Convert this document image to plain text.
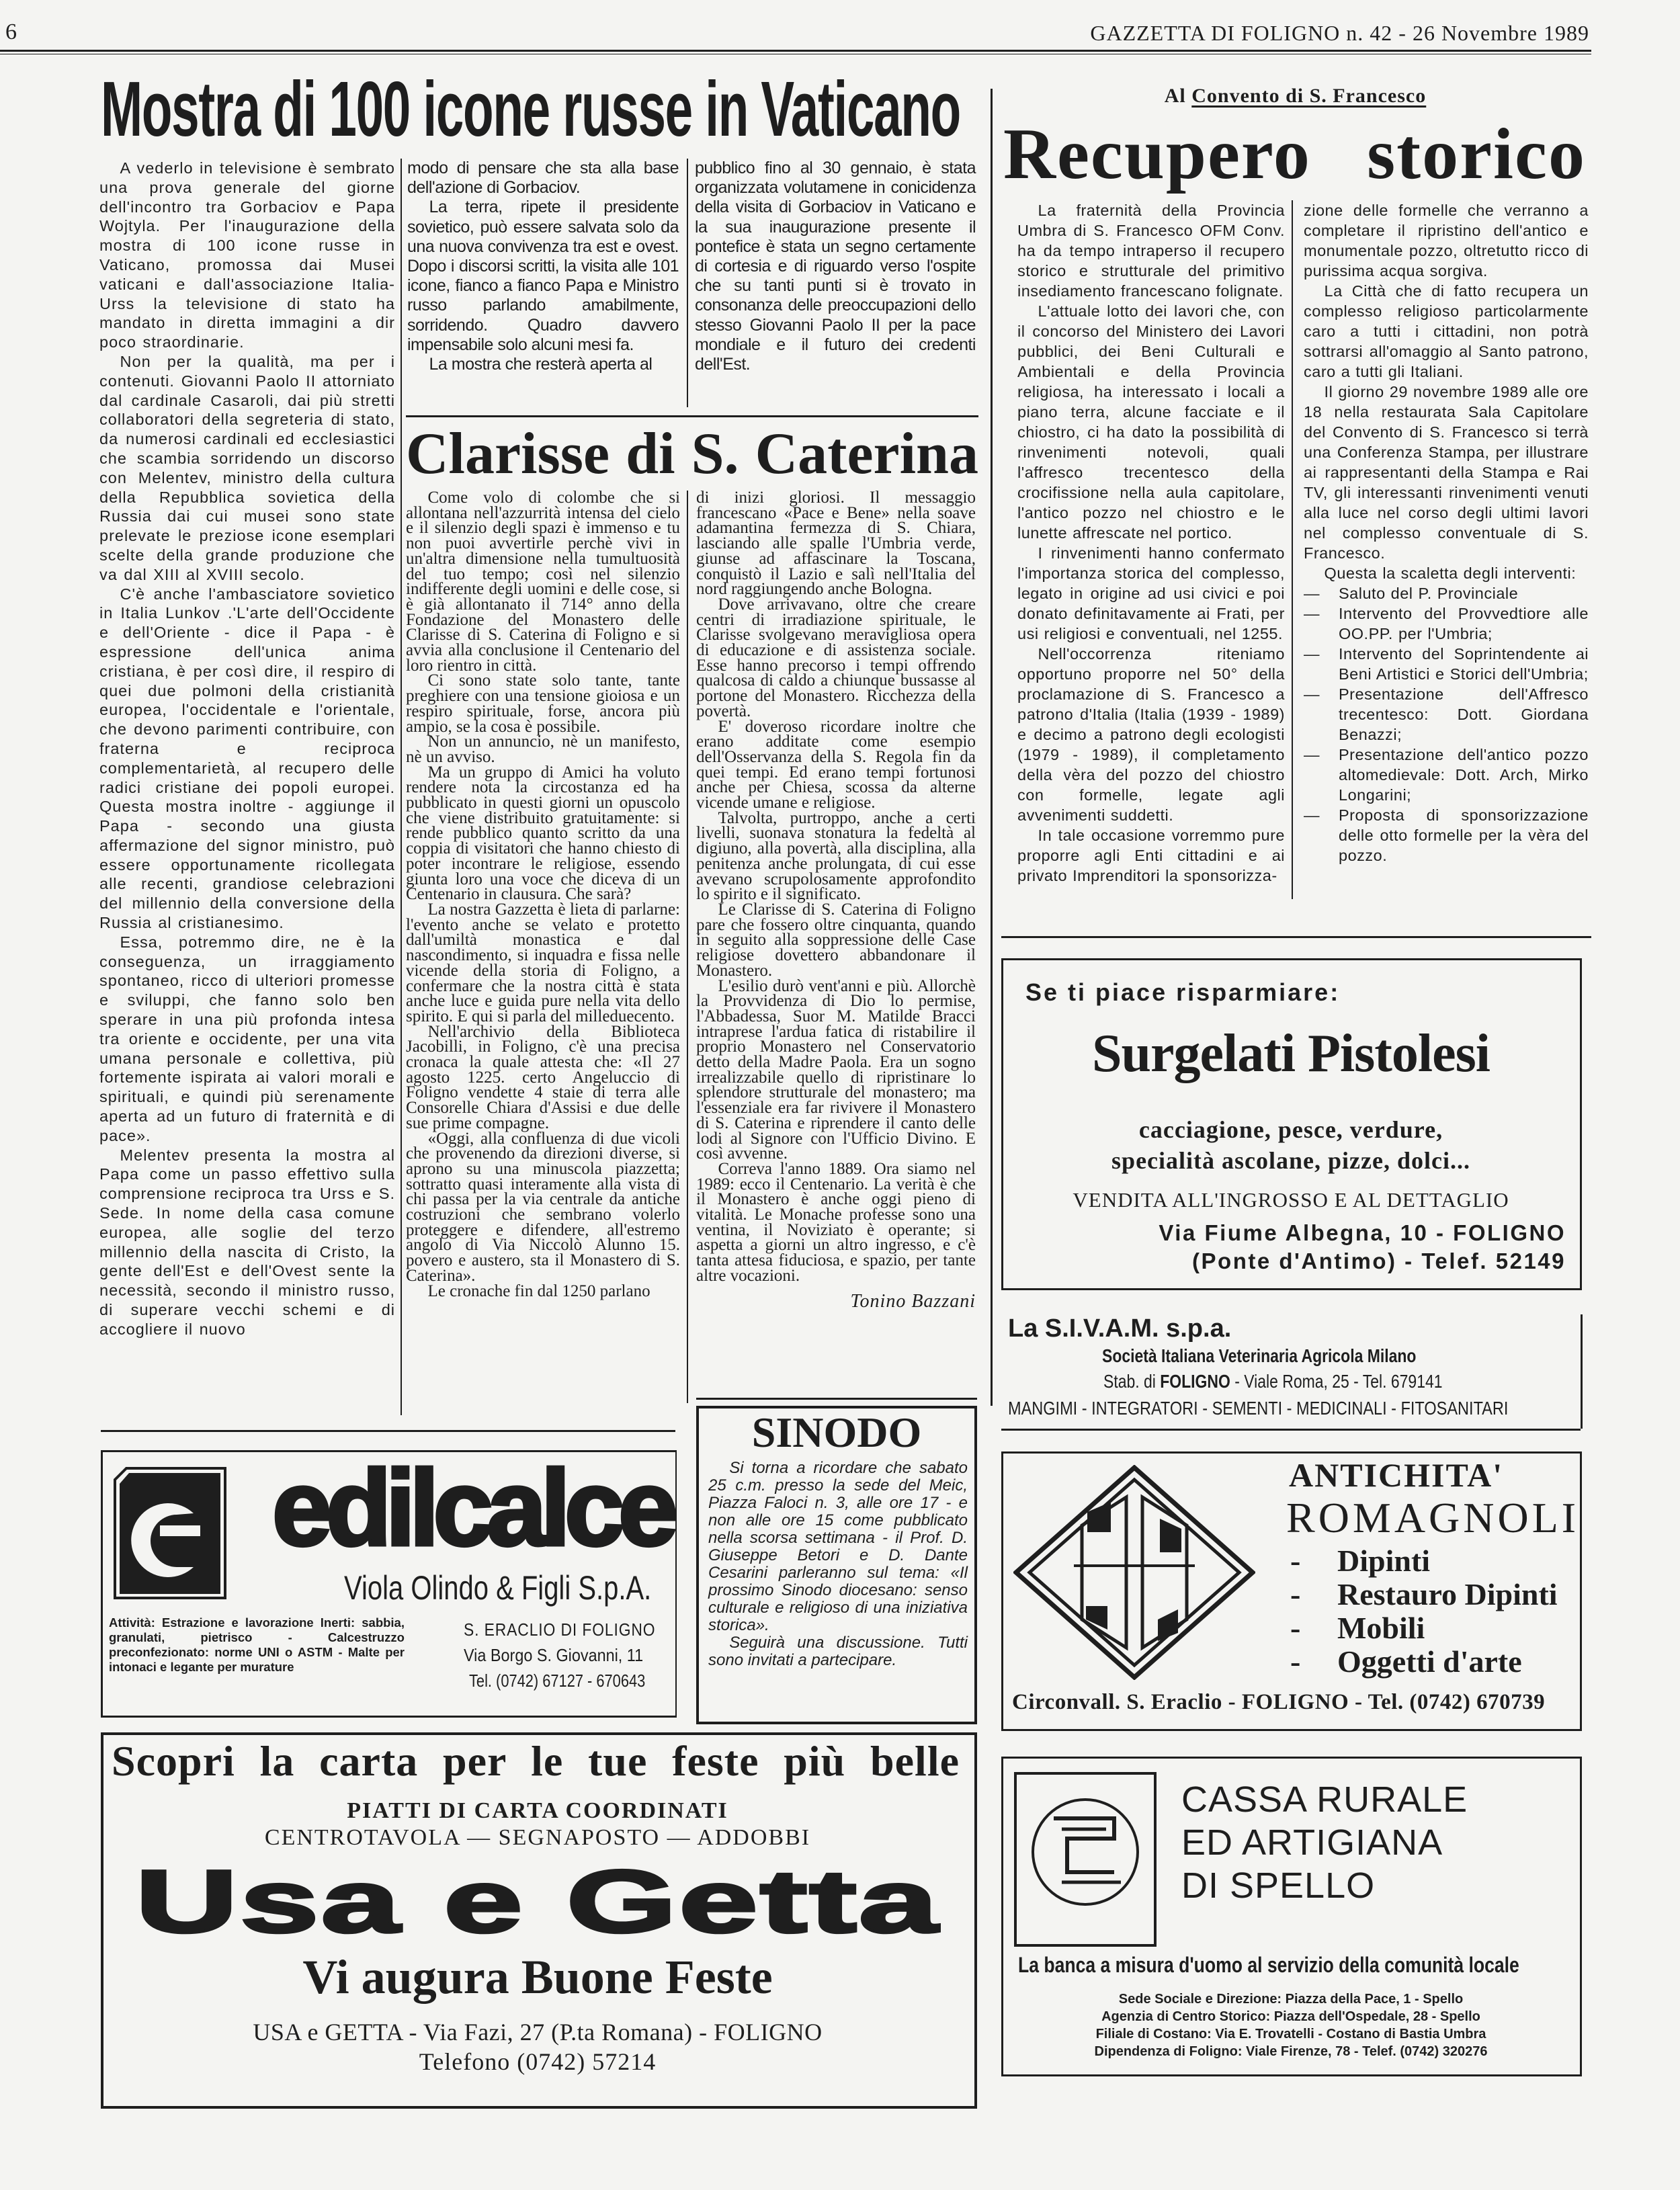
6	GAZZETTA DI FOLIGNO n. 42 - 26 Novembre 1989
Mostra di 100 icone russe in Vaticano

A vederlo in televisione è sembrato una prova generale del giorne dell'incontro tra Gorbaciov e Papa Wojtyla. Per l'inaugurazione della mostra di 100 icone russe in Vaticano, promossa dai Musei vaticani e dall'associazione Italia-Urss la televisione di stato ha mandato in diretta immagini a dir poco straordinarie.

Non per la qualità, ma per i contenuti. Giovanni Paolo II attorniato dal cardinale Casaroli, dai più stretti collaboratori della segreteria di stato, da numerosi cardinali ed ecclesiastici che scambia sorridendo un discorso con Melentev, ministro della cultura della Repubblica sovietica della Russia dai cui musei sono state prelevate le preziose icone esemplari scelte della grande produzione che va dal XIII al XVIII secolo.

C'è anche l'ambasciatore sovietico in Italia Lunkov .'L'arte dell'Occidente e dell'Oriente - dice il Papa - è espressione dell'unica anima cristiana, è per così dire, il respiro di quei due polmoni della cristianità europea, l'occidentale e l'orientale, che devono parimenti contribuire, con fraterna e reciproca complementarietà, al recupero delle radici cristiane dei popoli europei. Questa mostra inoltre - aggiunge il Papa - secondo una giusta affermazione del signor ministro, può essere opportunamente ricollegata alle recenti, grandiose celebrazioni del millennio della conversione della Russia al cristianesimo.

Essa, potremmo dire, ne è la conseguenza, un irraggiamento spontaneo, ricco di ulteriori promesse e sviluppi, che fanno solo ben sperare in una più profonda intesa tra oriente e occidente, per una vita umana personale e collettiva, più fortemente ispirata ai valori morali e spirituali, e quindi più serenamente aperta ad un futuro di fraternità e di pace».

Melentev presenta la mostra al Papa come un passo effettivo sulla comprensione reciproca tra Urss e S. Sede. In nome della casa comune europea, alle soglie del terzo millennio della nascita di Cristo, la gente dell'Est e dell'Ovest sente la necessità, secondo il ministro russo, di superare vecchi schemi e di accogliere il nuovo

modo di pensare che sta alla base dell'azione di Gorbaciov.

La terra, ripete il presidente sovietico, può essere salvata solo da una nuova convivenza tra est e ovest. Dopo i discorsi scritti, la visita alle 101 icone, fianco a fianco Papa e Ministro russo parlando amabilmente, sorridendo. Quadro davvero impensabile solo alcuni mesi fa.

La mostra che resterà aperta al

pubblico fino al 30 gennaio, è stata organizzata volutamene in conicidenza della visita di Gorbaciov in Vaticano e la sua inaugurazione presente il pontefice è stata un segno certamente di cortesia e di riguardo verso l'ospite che su tanti punti si è trovato in consonanza delle preoccupazioni dello stesso Giovanni Paolo II per la pace mondiale e il futuro dei credenti dell'Est.

Clarisse di S. Caterina

Come volo di colombe che si allontana nell'azzurrità intensa del cielo e il silenzio degli spazi è immenso e tu non puoi avvertirle perchè vivi in un'altra dimensione nella tumultuosità del tuo tempo; così nel silenzio indifferente degli uomini e delle cose, si è già allontanato il 714° anno della Fondazione del Monastero delle Clarisse di S. Caterina di Foligno e si avvia alla conclusione il Centenario del loro rientro in città.

Ci sono state solo tante, tante preghiere con una tensione gioiosa e un respiro spirituale, forse, ancora più ampio, se la cosa è possibile.

Non un annuncio, nè un manifesto, nè un avviso.

Ma un gruppo di Amici ha voluto rendere nota la circostanza ed ha pubblicato in questi giorni un opuscolo che viene distribuito gratuitamente: si rende pubblico quanto scritto da una coppia di visitatori che hanno chiesto di poter incontrare le religiose, essendo giunta loro una voce che diceva di un Centenario in clausura. Che sarà?

La nostra Gazzetta è lieta di parlarne: l'evento anche se velato e protetto dall'umiltà monastica e dal nascondimento, si inquadra e fissa nelle vicende della storia di Foligno, a confermare che la nostra città è stata anche luce e guida pure nella vita dello spirito. E qui si parla del milleduecento.

Nell'archivio della Biblioteca Jacobilli, in Foligno, c'è una precisa cronaca la quale attesta che: «Il 27 agosto 1225. certo Angeluccio di Foligno vendette 4 staie di terra alle Consorelle Chiara d'Assisi e due delle sue prime compagne.

«Oggi, alla confluenza di due vicoli che provenendo da direzioni diverse, si aprono su una minuscola piazzetta; sottratto quasi interamente alla vista di chi passa per la via centrale da antiche costruzioni che sembrano volerlo proteggere e difendere, all'estremo angolo di Via Niccolò Alunno 15. povero e austero, sta il Monastero di S. Caterina».

Le cronache fin dal 1250 parlano

di inizi gloriosi. Il messaggio francescano «Pace e Bene» nella soave adamantina fermezza di S. Chiara, lasciando alle spalle l'Umbria verde, giunse ad affascinare la Toscana, conquistò il Lazio e salì nell'Italia del nord raggiungendo anche Bologna.

Dove arrivavano, oltre che creare centri di irradiazione spirituale, le Clarisse svolgevano meravigliosa opera di educazione e di assistenza sociale. Esse hanno precorso i tempi offrendo qualcosa di caldo a chiunque bussasse al portone del Monastero. Ricchezza della povertà.

E' doveroso ricordare inoltre che erano additate come esempio dell'Osservanza della S. Regola fin da quei tempi. Ed erano tempi fortunosi anche per Chiesa, scossa da alterne vicende umane e religiose.

Talvolta, purtroppo, anche a certi livelli, suonava stonatura la fedeltà al digiuno, alla povertà, alla disciplina, alla penitenza anche prolungata, di cui esse avevano scrupolosamente approfondito lo spirito e il significato.

Le Clarisse di S. Caterina di Foligno pare che fossero oltre cinquanta, quando in seguito alla soppressione delle Case religiose dovettero abbandonare il Monastero.

L'esilio durò vent'anni e più. Allorchè la Provvidenza di Dio lo permise, l'Abbadessa, Suor M. Matilde Bracci intraprese l'ardua fatica di ristabilire il proprio Monastero nel Conservatorio detto della Madre Paola. Era un sogno irrealizzabile quello di ripristinare lo splendore strutturale del monastero; ma l'essenziale era far rivivere il Monastero di S. Caterina e riprendere il canto delle lodi al Signore con l'Ufficio Divino. E così avvenne.

Correva l'anno 1889. Ora siamo nel 1989: ecco il Centenario. La verità è che il Monastero è anche oggi pieno di vitalità. Le Monache professe sono una ventina, il Noviziato è operante; si aspetta a giorni un altro ingresso, e c'è tanta attesa fiduciosa, e spazio, per tante altre vocazioni.

Tonino Bazzani
Al Convento di S. Francesco
Recupero storico

La fraternità della Provincia Umbra di S. Francesco OFM Conv. ha da tempo intraperso il recupero storico e strutturale del primitivo insediamento francescano folignate.

L'attuale lotto dei lavori che, con il concorso del Ministero dei Lavori pubblici, dei Beni Culturali e Ambientali e della Provincia religiosa, ha interessato i locali a piano terra, alcune facciate e il chiostro, ci ha dato la possibilità di rinvenimenti notevoli, quali l'affresco trecentesco della crocifissione nella aula capitolare, l'antico pozzo nel chiostro e le lunette affrescate nel portico.

I rinvenimenti hanno confermato l'importanza storica del complesso, legato in origine ad usi civici e poi donato definitavamente ai Frati, per usi religiosi e conventuali, nel 1255.

Nell'occorrenza riteniamo opportuno proporre nel 50° della proclamazione di S. Francesco a patrono d'Italia (Italia (1939 - 1989) e decimo a patrono degli ecologisti (1979 - 1989), il completamento della vèra del pozzo del chiostro con formelle, legate agli avvenimenti suddetti.

In tale occasione vorremmo pure proporre agli Enti cittadini e ai privato Imprenditori la sponsorizza-

zione delle formelle che verranno a completare il ripristino dell'antico e monumentale pozzo, oltretutto ricco di purissima acqua sorgiva.

La Città che di fatto recupera un complesso religioso particolarmente caro a tutti i cittadini, non potrà sottrarsi all'omaggio al Santo patrono, caro a tutti gli Italiani.

Il giorno 29 novembre 1989 alle ore 18 nella restaurata Sala Capitolare del Convento di S. Francesco si terrà una Conferenza Stampa, per illustrare ai rappresentanti della Stampa e Rai TV, gli interessanti rinvenimenti venuti alla luce nel corso degli ultimi lavori nel complesso conventuale di S. Francesco.

Questa la scaletta degli interventi:

— Saluto del P. Provinciale
— Intervento del Provvedtiore alle OO.PP. per l'Umbria;
— Intervento del Soprintendente ai Beni Artistici e Storici dell'Umbria;
— Presentazione dell'Affresco trecentesco: Dott. Giordana Benazzi;
— Presentazione dell'antico pozzo altomedievale: Dott. Arch, Mirko Longarini;
— Proposta di sponsorizzazione delle otto formelle per la vèra del pozzo.
Se ti piace risparmiare:
Surgelati Pistolesi
cacciagione, pesce, verdure,
specialità ascolane, pizze, dolci...
VENDITA ALL'INGROSSO E AL DETTAGLIO
Via Fiume Albegna, 10 - FOLIGNO
(Ponte d'Antimo) - Telef. 52149
La S.I.V.A.M. s.p.a.
Società Italiana Veterinaria Agricola Milano
Stab. di FOLIGNO - Viale Roma, 25 - Tel. 679141
MANGIMI - INTEGRATORI - SEMENTI - MEDICINALI - FITOSANITARI
ANTICHITA'
ROMAGNOLI
- Dipinti
- Restauro Dipinti
- Mobili
- Oggetti d'arte
Circonvall. S. Eraclio - FOLIGNO - Tel. (0742) 670739
CASSA RURALE
ED ARTIGIANA
DI SPELLO
La banca a misura d'uomo al servizio della comunità locale
Sede Sociale e Direzione: Piazza della Pace, 1 - Spello
Agenzia di Centro Storico: Piazza dell'Ospedale, 28 - Spello
Filiale di Costano: Via E. Trovatelli - Costano di Bastia Umbra
Dipendenza di Foligno: Viale Firenze, 78 - Telef. (0742) 320276
edilcalce
Viola Olindo & Figli S.p.A.
Attività: Estrazione e lavorazione Inerti: sabbia, granulati, pietrisco - Calcestruzzo preconfezionato: norme UNI o ASTM - Malte per intonaci e legante per murature
S. ERACLIO DI FOLIGNO
Via Borgo S. Giovanni, 11
Tel. (0742) 67127 - 670643
SINODO

Si torna a ricordare che sabato 25 c.m. presso la sede del Meic, Piazza Faloci n. 3, alle ore 17 - e non alle ore 15 come pubblicato nella scorsa settimana - il Prof. D. Giuseppe Betori e D. Dante Cesarini parleranno sul tema: «Il prossimo Sinodo diocesano: senso culturale e religioso di una iniziativa storica».

Seguirà una discussione. Tutti sono invitati a partecipare.

Scopri la carta per le tue feste più belle
PIATTI DI CARTA COORDINATI
CENTROTAVOLA — SEGNAPOSTO — ADDOBBI
Usa e Getta
Vi augura Buone Feste
USA e GETTA - Via Fazi, 27 (P.ta Romana) - FOLIGNO
Telefono (0742) 57214
